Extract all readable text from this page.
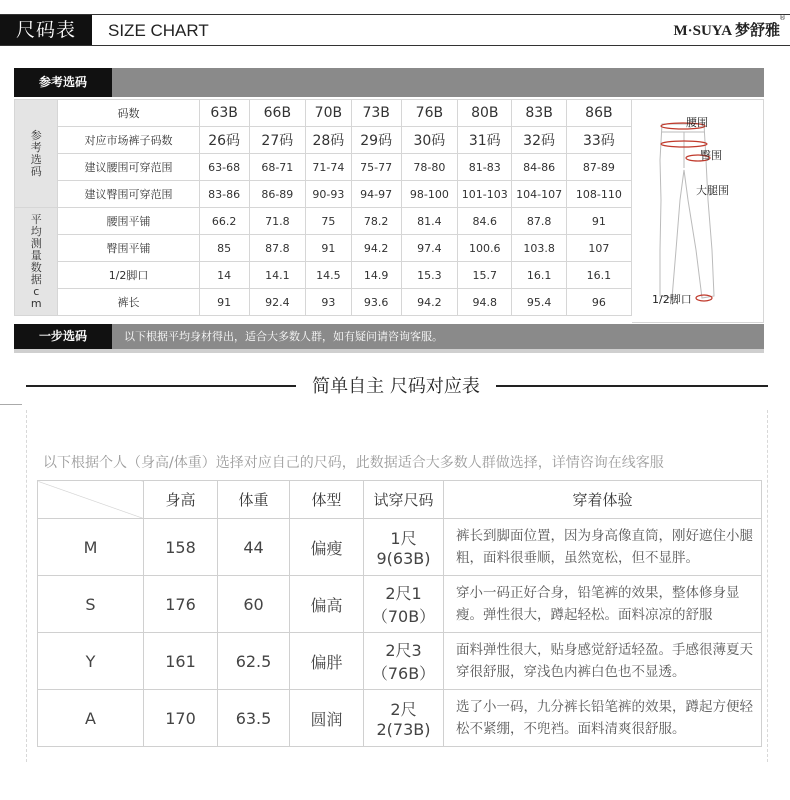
尺码表	SIZE CHART	M·SUYA 梦舒雅
®
参考选码
参考选码	码数	63B	66B	70B	73B	76B	80B	83B	86B
	对应市场裤子码数	26码	27码	28码	29码	30码	31码	32码	33码
	建议腰围可穿范围	63-68	68-71	71-74	75-77	78-80	81-83	84-86	87-89
	建议臀围可穿范围	83-86	86-89	90-93	94-97	98-100	101-103	104-107	108-110
平均测量数据cm	腰围平铺	66.2	71.8	75	78.2	81.4	84.6	87.8	91
	臀围平铺	85	87.8	91	94.2	97.4	100.6	103.8	107
	1/2脚口	14	14.1	14.5	14.9	15.3	15.7	16.1	16.1
	裤长	91	92.4	93	93.6	94.2	94.8	95.4	96
腰围
臀围
大腿围
1/2脚口
一步选码	以下根据平均身材得出，适合大多数人群，如有疑问请咨询客服。
简单自主 尺码对应表
以下根据个人（身高/体重）选择对应自己的尺码，此数据适合大多数人群做选择，详情咨询在线客服
	身高	体重	体型	试穿尺码	穿着体验
M	158	44	偏瘦	1尺9(63B)	裤长到脚面位置，因为身高像直筒，刚好遮住小腿粗，面料很垂顺，虽然宽松，但不显胖。
S	176	60	偏高	2尺1（70B）	穿小一码正好合身，铅笔裤的效果，整体修身显瘦。弹性很大，蹲起轻松。面料凉凉的舒服
Y	161	62.5	偏胖	2尺3（76B）	面料弹性很大，贴身感觉舒适轻盈。手感很薄夏天穿很舒服，穿浅色内裤白色也不显透。
A	170	63.5	圆润	2尺2(73B)	选了小一码，九分裤长铅笔裤的效果，蹲起方便轻松不紧绷，不兜裆。面料清爽很舒服。
